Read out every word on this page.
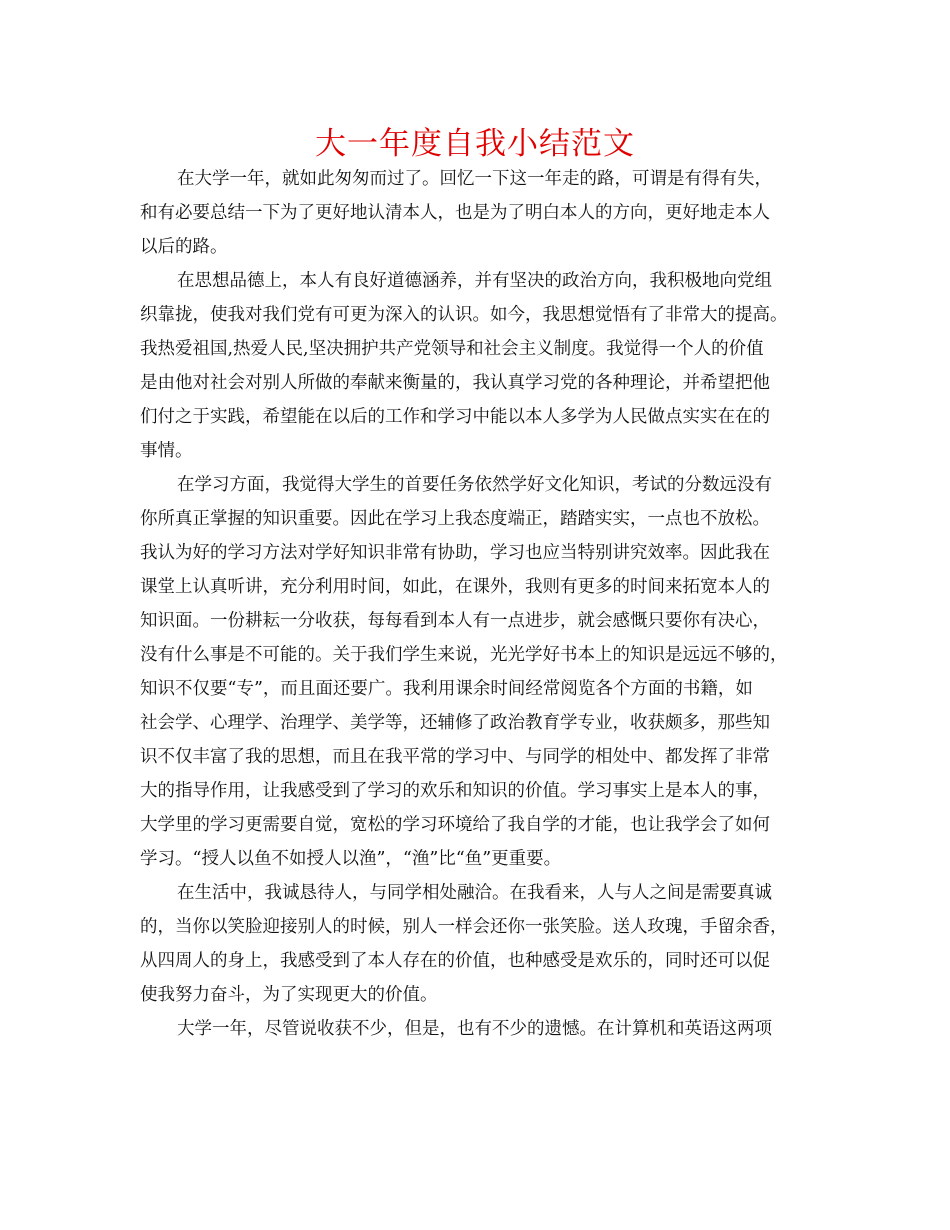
大一年度自我小结范文
在大学一年，就如此匆匆而过了。回忆一下这一年走的路，可谓是有得有失，
和有必要总结一下为了更好地认清本人，也是为了明白本人的方向，更好地走本人
以后的路。
在思想品德上，本人有良好道德涵养，并有坚决的政治方向，我积极地向党组
织靠拢，使我对我们党有可更为深入的认识。如今，我思想觉悟有了非常大的提高。
我热爱祖国,热爱人民,坚决拥护共产党领导和社会主义制度。我觉得一个人的价值
是由他对社会对别人所做的奉献来衡量的，我认真学习党的各种理论，并希望把他
们付之于实践，希望能在以后的工作和学习中能以本人多学为人民做点实实在在的
事情。
在学习方面，我觉得大学生的首要任务依然学好文化知识，考试的分数远没有
你所真正掌握的知识重要。因此在学习上我态度端正，踏踏实实，一点也不放松。
我认为好的学习方法对学好知识非常有协助，学习也应当特别讲究效率。因此我在
课堂上认真听讲，充分利用时间，如此，在课外，我则有更多的时间来拓宽本人的
知识面。一份耕耘一分收获，每每看到本人有一点进步，就会感慨只要你有决心，
没有什么事是不可能的。关于我们学生来说，光光学好书本上的知识是远远不够的，
知识不仅要“专”，而且面还要广。我利用课余时间经常阅览各个方面的书籍，如
社会学、心理学、治理学、美学等，还辅修了政治教育学专业，收获颇多，那些知
识不仅丰富了我的思想，而且在我平常的学习中、与同学的相处中、都发挥了非常
大的指导作用，让我感受到了学习的欢乐和知识的价值。学习事实上是本人的事，
大学里的学习更需要自觉，宽松的学习环境给了我自学的才能，也让我学会了如何
学习。“授人以鱼不如授人以渔”，“渔”比“鱼”更重要。
在生活中，我诚恳待人，与同学相处融洽。在我看来，人与人之间是需要真诚
的，当你以笑脸迎接别人的时候，别人一样会还你一张笑脸。送人玫瑰，手留余香，
从四周人的身上，我感受到了本人存在的价值，也种感受是欢乐的，同时还可以促
使我努力奋斗，为了实现更大的价值。
大学一年，尽管说收获不少，但是，也有不少的遗憾。在计算机和英语这两项
